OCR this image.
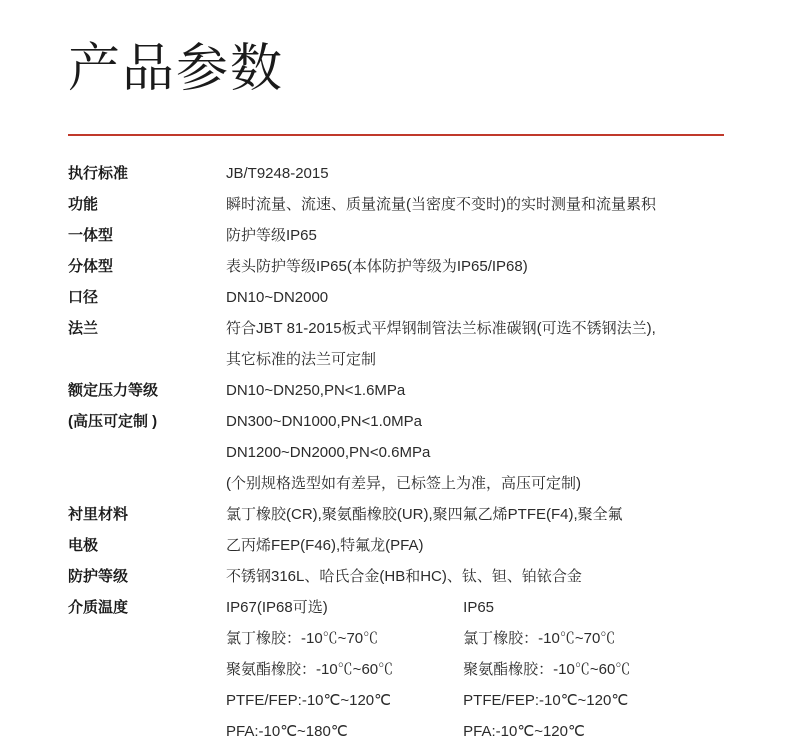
产品参数
执行标准	JB/T9248-2015

功能	瞬时流量、流速、质量流量(当密度不变时)的实时测量和流量累积

一体型	防护等级IP65

分体型	表头防护等级IP65(本体防护等级为IP65/IP68)

口径	DN10~DN2000

法兰	符合JBT 81-2015板式平焊钢制管法兰标准碳钢(可选不锈钢法兰),
其它标准的法兰可定制

额定压力等级	DN10~DN250,PN<1.6MPa

(高压可定制 )	DN300~DN1000,PN<1.0MPa
DN1200~DN2000,PN<0.6MPa
(个别规格选型如有差异，已标签上为准，高压可定制)

衬里材料	氯丁橡胶(CR),聚氨酯橡胶(UR),聚四氟乙烯PTFE(F4),聚全氟

电极	乙丙烯FEP(F46),特氟龙(PFA)

防护等级	不锈钢316L、哈氏合金(HB和HC)、钛、钽、铂铱合金

介质温度	IP67(IP68可选) IP65
氯丁橡胶：-10℃~70℃ 氯丁橡胶：-10℃~70℃
聚氨酯橡胶：-10℃~60℃ 聚氨酯橡胶：-10℃~60℃
PTFE/FEP:-10℃~120℃ PTFE/FEP:-10℃~120℃
PFA:-10℃~180℃ PFA:-10℃~120℃
